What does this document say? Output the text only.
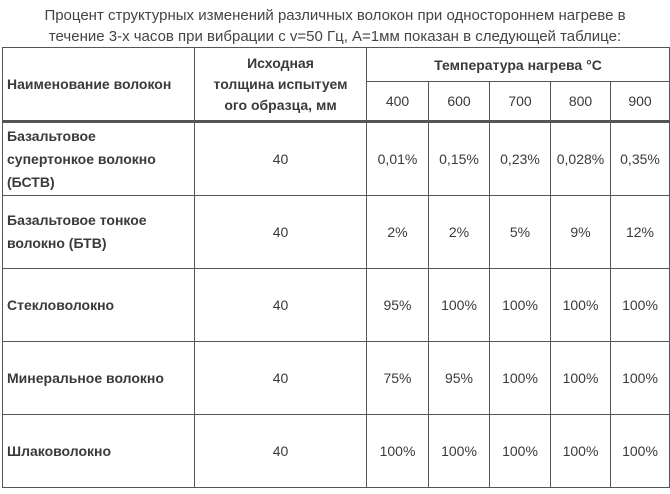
Процент структурных изменений различных волокон при одностороннем нагреве в
течение 3-х часов при вибрации с v=50 Гц, А=1мм показан в следующей таблице:
Наименование волокон	Исходная
толщина испытуем
ого образца, мм	Температура нагрева °С				
		400	600	700	800	900

Базальтовое
супертонкое волокно
(БСТВ)	40	0,01%	0,15%	0,23%	0,028%	0,35%

Базальтовое тонкое
волокно (БТВ)	40	2%	2%	5%	9%	12%

Стекловолокно	40	95%	100%	100%	100%	100%

Минеральное волокно	40	75%	95%	100%	100%	100%

Шлаковолокно	40	100%	100%	100%	100%	100%
